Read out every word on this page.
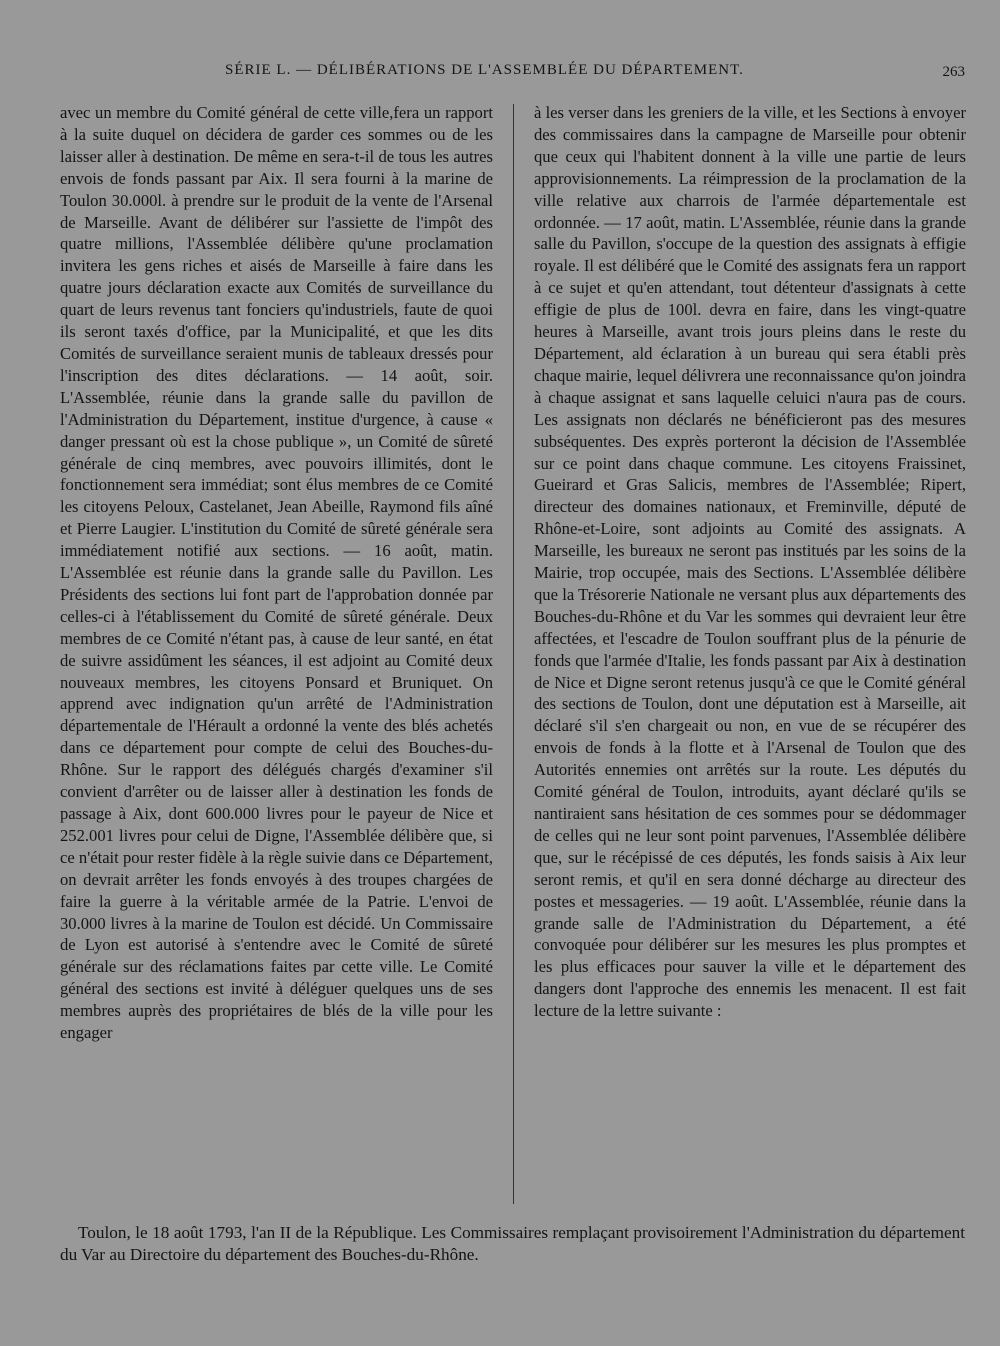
SÉRIE L. — DÉLIBÉRATIONS DE L'ASSEMBLÉE DU DÉPARTEMENT.	263
avec un membre du Comité général de cette ville,fera un rapport à la suite duquel on décidera de garder ces sommes ou de les laisser aller à destination. De même en sera-t-il de tous les autres envois de fonds passant par Aix. Il sera fourni à la marine de Toulon 30.000l. à prendre sur le produit de la vente de l'Arsenal de Marseille. Avant de délibérer sur l'assiette de l'impôt des quatre millions, l'Assemblée délibère qu'une proclamation invitera les gens riches et aisés de Marseille à faire dans les quatre jours déclaration exacte aux Comités de surveillance du quart de leurs revenus tant fonciers qu'industriels, faute de quoi ils seront taxés d'office, par la Municipalité, et que les dits Comités de surveillance seraient munis de tableaux dressés pour l'inscription des dites déclarations. — 14 août, soir. L'Assemblée, réunie dans la grande salle du pavillon de l'Administration du Département, institue d'urgence, à cause « danger pressant où est la chose publique », un Comité de sûreté générale de cinq membres, avec pouvoirs illimités, dont le fonctionnement sera immédiat; sont élus membres de ce Comité les citoyens Peloux, Castelanet, Jean Abeille, Raymond fils aîné et Pierre Laugier. L'institution du Comité de sûreté générale sera immédiatement notifié aux sections. — 16 août, matin. L'Assemblée est réunie dans la grande salle du Pavillon. Les Présidents des sections lui font part de l'approbation donnée par celles-ci à l'établissement du Comité de sûreté générale. Deux membres de ce Comité n'étant pas, à cause de leur santé, en état de suivre assidûment les séances, il est adjoint au Comité deux nouveaux membres, les citoyens Ponsard et Bruniquet. On apprend avec indignation qu'un arrêté de l'Administration départementale de l'Hérault a ordonné la vente des blés achetés dans ce département pour compte de celui des Bouches-du-Rhône. Sur le rapport des délégués chargés d'examiner s'il convient d'arrêter ou de laisser aller à destination les fonds de passage à Aix, dont 600.000 livres pour le payeur de Nice et 252.001 livres pour celui de Digne, l'Assemblée délibère que, si ce n'était pour rester fidèle à la règle suivie dans ce Département, on devrait arrêter les fonds envoyés à des troupes chargées de faire la guerre à la véritable armée de la Patrie. L'envoi de 30.000 livres à la marine de Toulon est décidé. Un Commissaire de Lyon est autorisé à s'entendre avec le Comité de sûreté générale sur des réclamations faites par cette ville. Le Comité général des sections est invité à déléguer quelques uns de ses membres auprès des propriétaires de blés de la ville pour les engager
à les verser dans les greniers de la ville, et les Sections à envoyer des commissaires dans la campagne de Marseille pour obtenir que ceux qui l'habitent donnent à la ville une partie de leurs approvisionnements. La réimpression de la proclamation de la ville relative aux charrois de l'armée départementale est ordonnée. — 17 août, matin. L'Assemblée, réunie dans la grande salle du Pavillon, s'occupe de la question des assignats à effigie royale. Il est délibéré que le Comité des assignats fera un rapport à ce sujet et qu'en attendant, tout détenteur d'assignats à cette effigie de plus de 100l. devra en faire, dans les vingt-quatre heures à Marseille, avant trois jours pleins dans le reste du Département, ald éclaration à un bureau qui sera établi près chaque mairie, lequel délivrera une reconnaissance qu'on joindra à chaque assignat et sans laquelle celuici n'aura pas de cours. Les assignats non déclarés ne bénéficieront pas des mesures subséquentes. Des exprès porteront la décision de l'Assemblée sur ce point dans chaque commune. Les citoyens Fraissinet, Gueirard et Gras Salicis, membres de l'Assemblée; Ripert, directeur des domaines nationaux, et Freminville, député de Rhône-et-Loire, sont adjoints au Comité des assignats. A Marseille, les bureaux ne seront pas institués par les soins de la Mairie, trop occupée, mais des Sections. L'Assemblée délibère que la Trésorerie Nationale ne versant plus aux départements des Bouches-du-Rhône et du Var les sommes qui devraient leur être affectées, et l'escadre de Toulon souffrant plus de la pénurie de fonds que l'armée d'Italie, les fonds passant par Aix à destination de Nice et Digne seront retenus jusqu'à ce que le Comité général des sections de Toulon, dont une députation est à Marseille, ait déclaré s'il s'en chargeait ou non, en vue de se récupérer des envois de fonds à la flotte et à l'Arsenal de Toulon que des Autorités ennemies ont arrêtés sur la route. Les députés du Comité général de Toulon, introduits, ayant déclaré qu'ils se nantiraient sans hésitation de ces sommes pour se dédommager de celles qui ne leur sont point parvenues, l'Assemblée délibère que, sur le récépissé de ces députés, les fonds saisis à Aix leur seront remis, et qu'il en sera donné décharge au directeur des postes et messageries. — 19 août. L'Assemblée, réunie dans la grande salle de l'Administration du Département, a été convoquée pour délibérer sur les mesures les plus promptes et les plus efficaces pour sauver la ville et le département des dangers dont l'approche des ennemis les menacent. Il est fait lecture de la lettre suivante :
Toulon, le 18 août 1793, l'an II de la République. Les Commissaires remplaçant provisoirement l'Administration du département du Var au Directoire du département des Bouches-du-Rhône.
